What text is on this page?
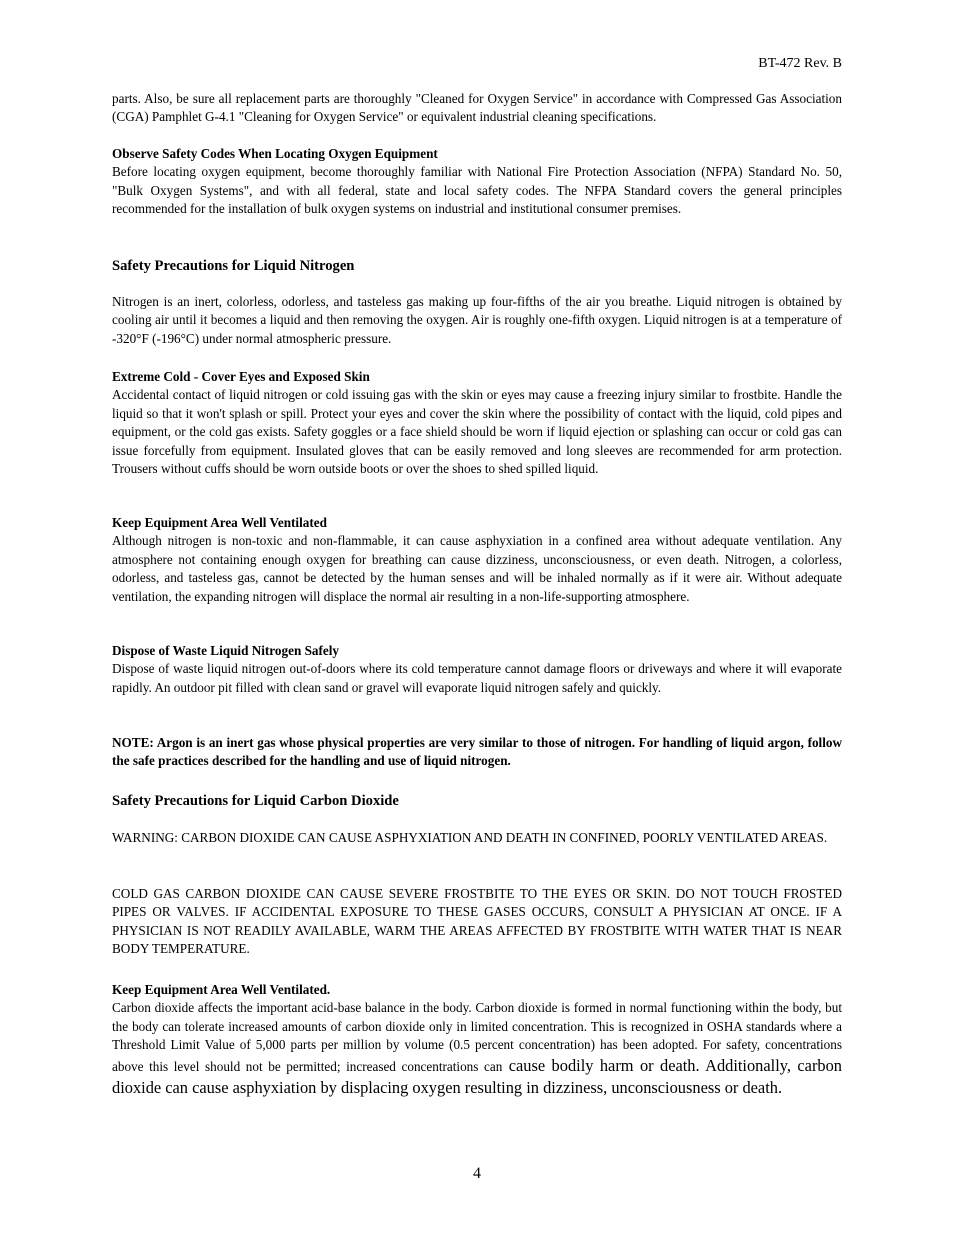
BT-472 Rev. B

parts. Also, be sure all replacement parts are thoroughly "Cleaned for Oxygen Service" in accordance with Compressed Gas Association (CGA) Pamphlet G-4.1 "Cleaning for Oxygen Service" or equivalent industrial cleaning specifications.

Observe Safety Codes When Locating Oxygen Equipment

Before locating oxygen equipment, become thoroughly familiar with National Fire Protection Association (NFPA) Standard No. 50, "Bulk Oxygen Systems", and with all federal, state and local safety codes. The NFPA Standard covers the general principles recommended for the installation of bulk oxygen systems on industrial and institutional consumer premises.

Safety Precautions for Liquid Nitrogen

Nitrogen is an inert, colorless, odorless, and tasteless gas making up four-fifths of the air you breathe. Liquid nitrogen is obtained by cooling air until it becomes a liquid and then removing the oxygen. Air is roughly one-fifth oxygen. Liquid nitrogen is at a temperature of -320°F (-196°C) under normal atmospheric pressure.

Extreme Cold - Cover Eyes and Exposed Skin

Accidental contact of liquid nitrogen or cold issuing gas with the skin or eyes may cause a freezing injury similar to frostbite. Handle the liquid so that it won't splash or spill. Protect your eyes and cover the skin where the possibility of contact with the liquid, cold pipes and equipment, or the cold gas exists. Safety goggles or a face shield should be worn if liquid ejection or splashing can occur or cold gas can issue forcefully from equipment. Insulated gloves that can be easily removed and long sleeves are recommended for arm protection. Trousers without cuffs should be worn outside boots or over the shoes to shed spilled liquid.

Keep Equipment Area Well Ventilated

Although nitrogen is non-toxic and non-flammable, it can cause asphyxiation in a confined area without adequate ventilation. Any atmosphere not containing enough oxygen for breathing can cause dizziness, unconsciousness, or even death. Nitrogen, a colorless, odorless, and tasteless gas, cannot be detected by the human senses and will be inhaled normally as if it were air. Without adequate ventilation, the expanding nitrogen will displace the normal air resulting in a non-life-supporting atmosphere.

Dispose of Waste Liquid Nitrogen Safely

Dispose of waste liquid nitrogen out-of-doors where its cold temperature cannot damage floors or driveways and where it will evaporate rapidly. An outdoor pit filled with clean sand or gravel will evaporate liquid nitrogen safely and quickly.

NOTE: Argon is an inert gas whose physical properties are very similar to those of nitrogen. For handling of liquid argon, follow the safe practices described for the handling and use of liquid nitrogen.

Safety Precautions for Liquid Carbon Dioxide

WARNING: CARBON DIOXIDE CAN CAUSE ASPHYXIATION AND DEATH IN CONFINED, POORLY VENTILATED AREAS.

COLD GAS CARBON DIOXIDE CAN CAUSE SEVERE FROSTBITE TO THE EYES OR SKIN. DO NOT TOUCH FROSTED PIPES OR VALVES. IF ACCIDENTAL EXPOSURE TO THESE GASES OCCURS, CONSULT A PHYSICIAN AT ONCE. IF A PHYSICIAN IS NOT READILY AVAILABLE, WARM THE AREAS AFFECTED BY FROSTBITE WITH WATER THAT IS NEAR BODY TEMPERATURE.

Keep Equipment Area Well Ventilated.

Carbon dioxide affects the important acid-base balance in the body. Carbon dioxide is formed in normal functioning within the body, but the body can tolerate increased amounts of carbon dioxide only in limited concentration. This is recognized in OSHA standards where a Threshold Limit Value of 5,000 parts per million by volume (0.5 percent concentration) has been adopted. For safety, concentrations above this level should not be permitted; increased concentrations can cause bodily harm or death. Additionally, carbon dioxide can cause asphyxiation by displacing oxygen resulting in dizziness, unconsciousness or death.

4
